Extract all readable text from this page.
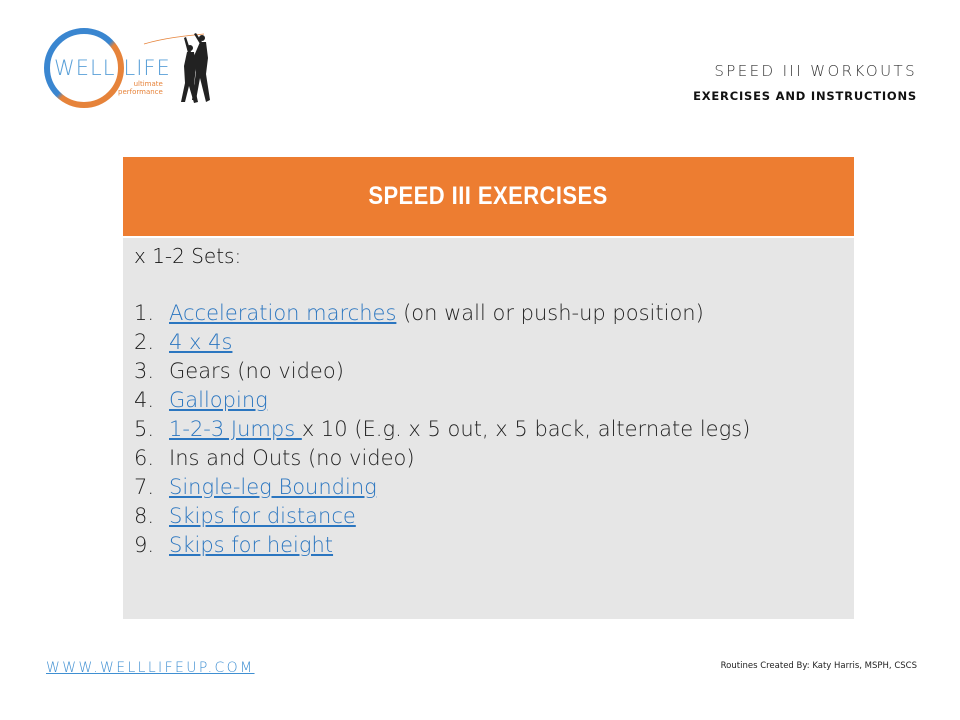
WELL|LIFE
ultimate
performance
SPEED III WORKOUTS
EXERCISES AND INSTRUCTIONS
SPEED III EXERCISES
x 1-2 Sets:
1. Acceleration marches (on wall or push-up position)
2. 4 x 4s
3. Gears (no video)
4. Galloping
5. 1-2-3 Jumps x 10 (E.g. x 5 out, x 5 back, alternate legs)
6. Ins and Outs (no video)
7. Single-leg Bounding
8. Skips for distance
9. Skips for height
WWW.WELLLIFEUP.COM	Routines Created By: Katy Harris, MSPH, CSCS
